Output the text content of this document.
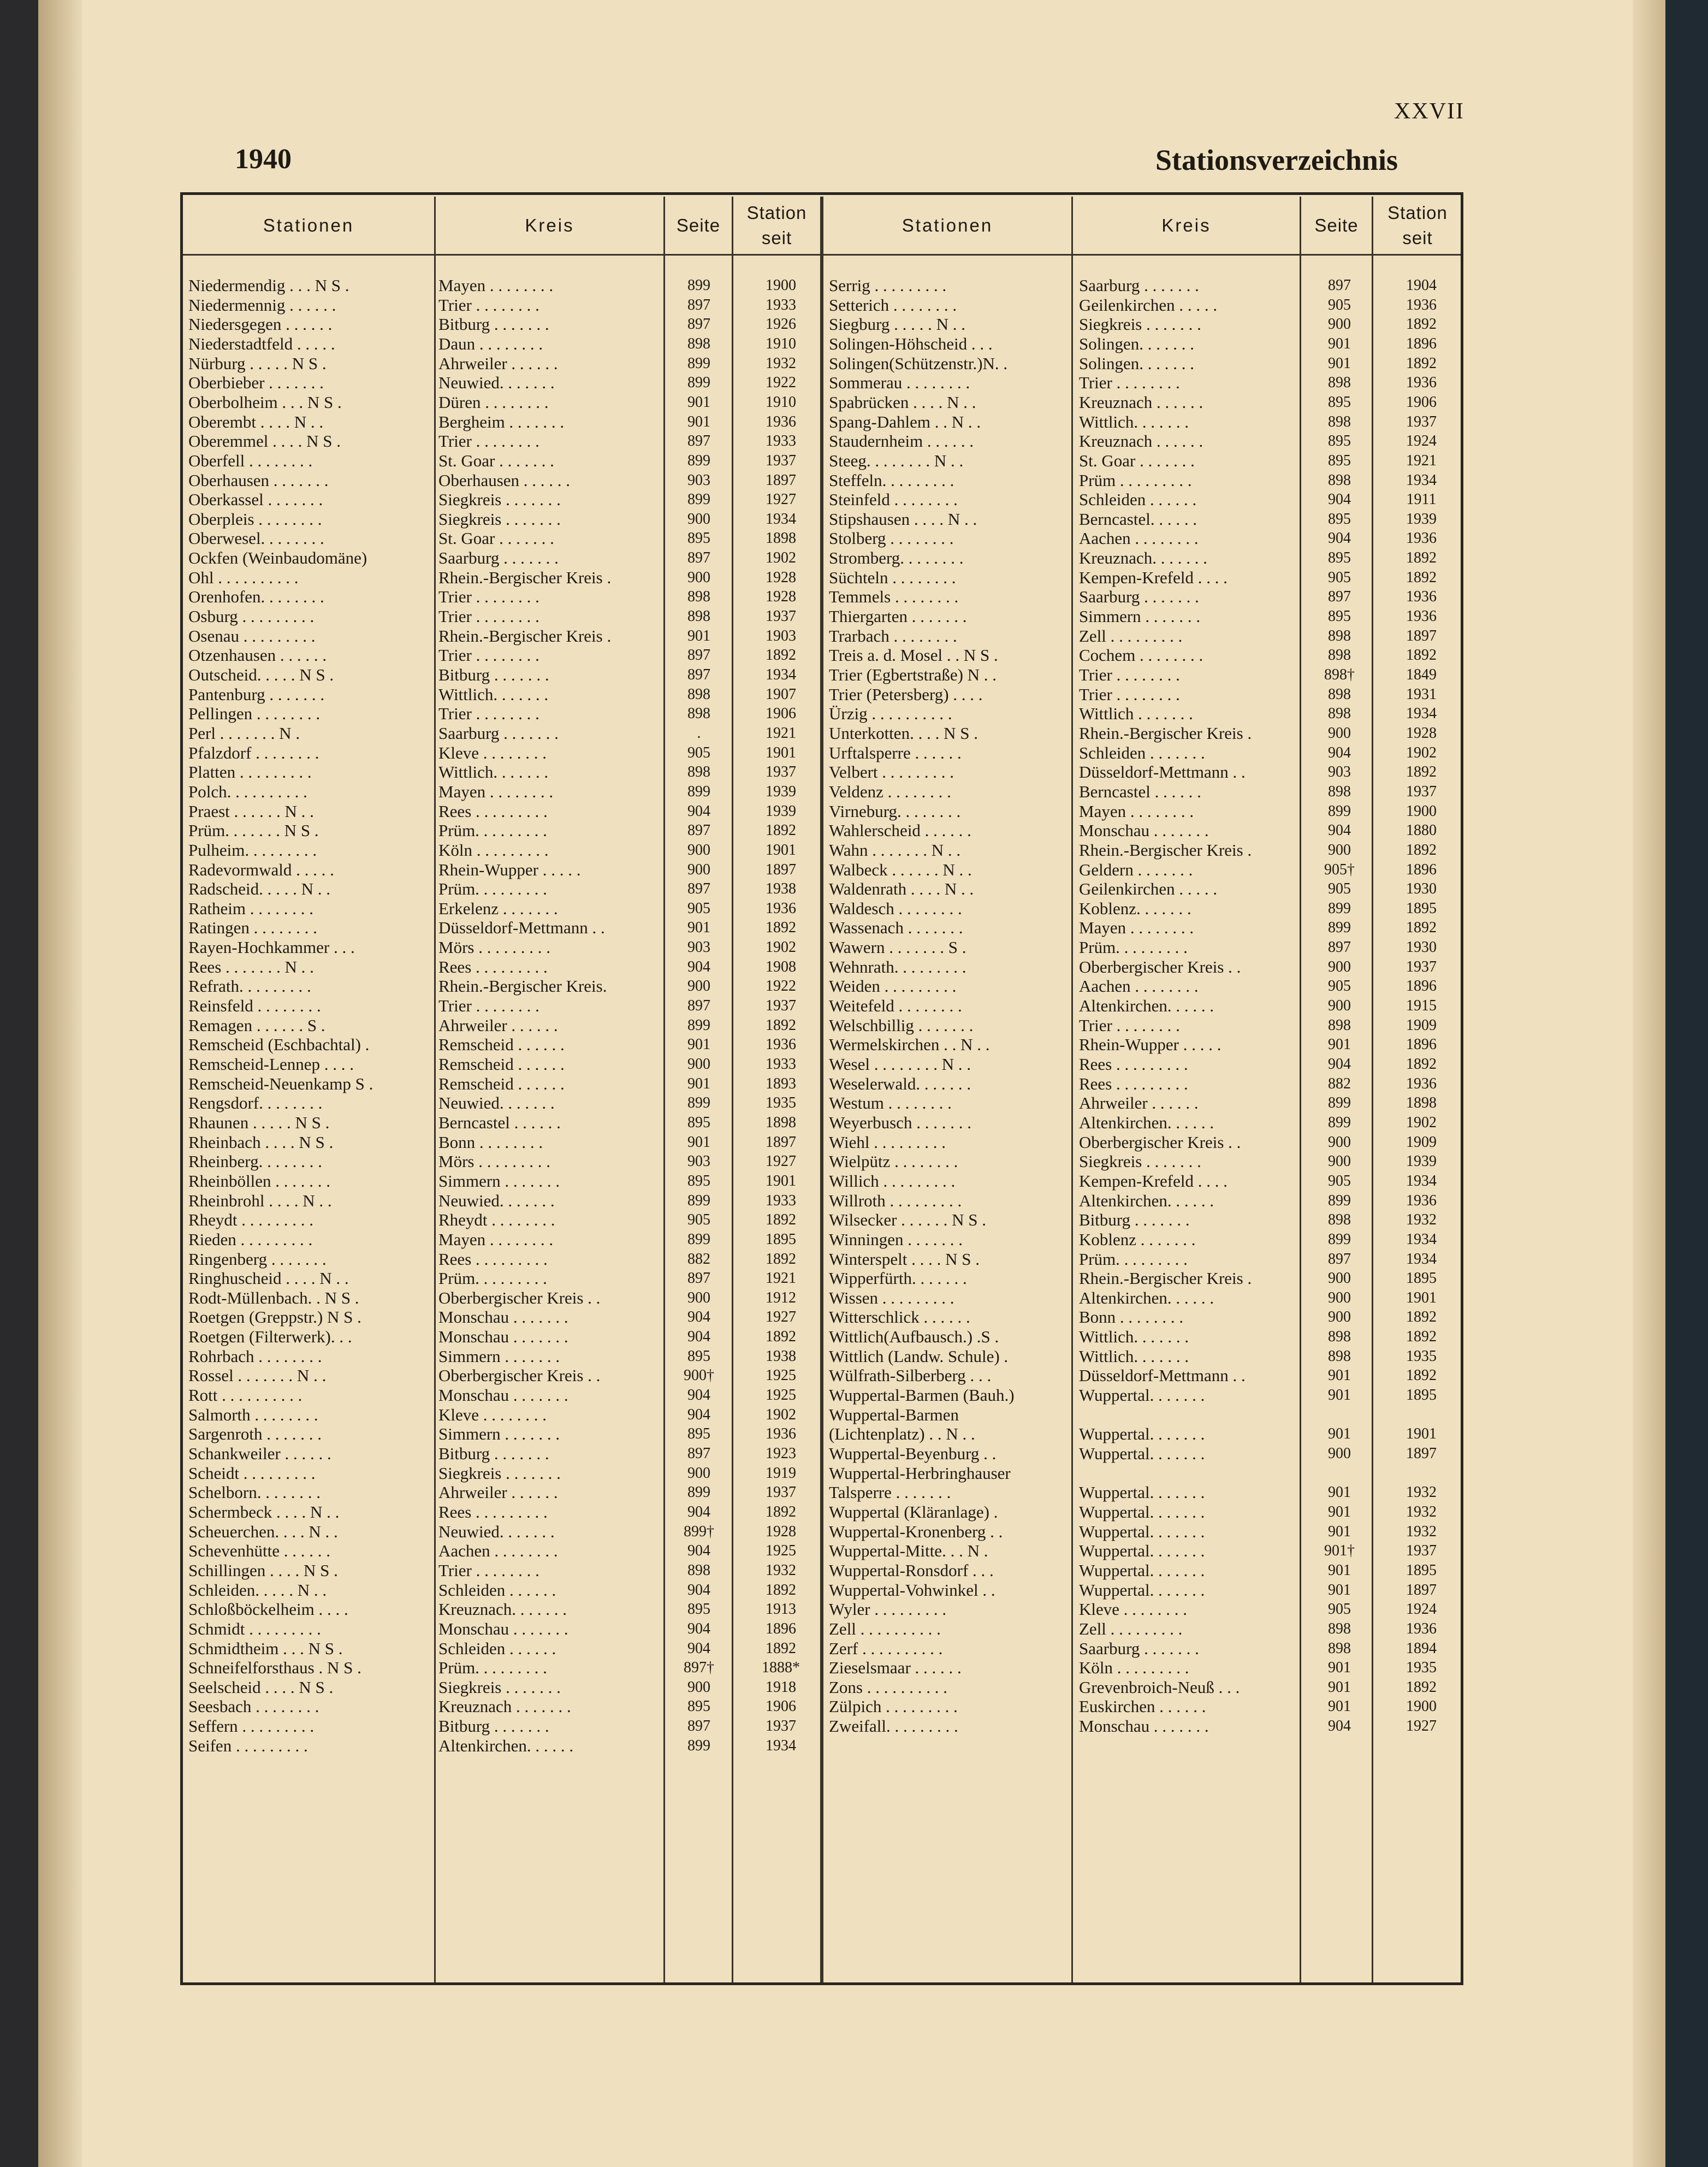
XXVII
1940	Stationsverzeichnis
Stationen	Kreis	Seite
Station
seit
Stationen	Kreis	Seite
Station
seit
Niedermendig . . . N S .	Mayen . . . . . . . .	899	1900
Niedermennig . . . . . .	Trier . . . . . . . .	897	1933
Niedersgegen . . . . . .	Bitburg . . . . . . .	897	1926
Niederstadtfeld . . . . .	Daun . . . . . . . .	898	1910
Nürburg . . . . . N S .	Ahrweiler . . . . . .	899	1932
Oberbieber . . . . . . .	Neuwied. . . . . . .	899	1922
Oberbolheim . . . N S .	Düren . . . . . . . .	901	1910
Oberembt . . . . N . .	Bergheim . . . . . . .	901	1936
Oberemmel . . . . N S .	Trier . . . . . . . .	897	1933
Oberfell . . . . . . . .	St. Goar . . . . . . .	899	1937
Oberhausen . . . . . . .	Oberhausen . . . . . .	903	1897
Oberkassel . . . . . . .	Siegkreis . . . . . . .	899	1927
Oberpleis . . . . . . . .	Siegkreis . . . . . . .	900	1934
Oberwesel. . . . . . . .	St. Goar . . . . . . .	895	1898
Ockfen (Weinbaudomäne)	Saarburg . . . . . . .	897	1902
Ohl . . . . . . . . . .	Rhein.-Bergischer Kreis .	900	1928
Orenhofen. . . . . . . .	Trier . . . . . . . .	898	1928
Osburg . . . . . . . . .	Trier . . . . . . . .	898	1937
Osenau . . . . . . . . .	Rhein.-Bergischer Kreis .	901	1903
Otzenhausen . . . . . .	Trier . . . . . . . .	897	1892
Outscheid. . . . . N S .	Bitburg . . . . . . .	897	1934
Pantenburg . . . . . . .	Wittlich. . . . . . .	898	1907
Pellingen . . . . . . . .	Trier . . . . . . . .	898	1906
Perl . . . . . . . N .	Saarburg . . . . . . .	.	1921
Pfalzdorf . . . . . . . .	Kleve . . . . . . . .	905	1901
Platten . . . . . . . . .	Wittlich. . . . . . .	898	1937
Polch. . . . . . . . . .	Mayen . . . . . . . .	899	1939
Praest . . . . . . N . .	Rees . . . . . . . . .	904	1939
Prüm. . . . . . . N S .	Prüm. . . . . . . . .	897	1892
Pulheim. . . . . . . . .	Köln . . . . . . . . .	900	1901
Radevormwald . . . . .	Rhein-Wupper . . . . .	900	1897
Radscheid. . . . . N . .	Prüm. . . . . . . . .	897	1938
Ratheim . . . . . . . .	Erkelenz . . . . . . .	905	1936
Ratingen . . . . . . . .	Düsseldorf-Mettmann . .	901	1892
Rayen-Hochkammer . . .	Mörs . . . . . . . . .	903	1902
Rees . . . . . . . N . .	Rees . . . . . . . . .	904	1908
Refrath. . . . . . . . .	Rhein.-Bergischer Kreis.	900	1922
Reinsfeld . . . . . . . .	Trier . . . . . . . .	897	1937
Remagen . . . . . . S .	Ahrweiler . . . . . .	899	1892
Remscheid (Eschbachtal) .	Remscheid . . . . . .	901	1936
Remscheid-Lennep . . . .	Remscheid . . . . . .	900	1933
Remscheid-Neuenkamp S .	Remscheid . . . . . .	901	1893
Rengsdorf. . . . . . . .	Neuwied. . . . . . .	899	1935
Rhaunen . . . . . N S .	Berncastel . . . . . .	895	1898
Rheinbach . . . . N S .	Bonn . . . . . . . .	901	1897
Rheinberg. . . . . . . .	Mörs . . . . . . . . .	903	1927
Rheinböllen . . . . . . .	Simmern . . . . . . .	895	1901
Rheinbrohl . . . . N . .	Neuwied. . . . . . .	899	1933
Rheydt . . . . . . . . .	Rheydt . . . . . . . .	905	1892
Rieden . . . . . . . . .	Mayen . . . . . . . .	899	1895
Ringenberg . . . . . . .	Rees . . . . . . . . .	882	1892
Ringhuscheid . . . . N . .	Prüm. . . . . . . . .	897	1921
Rodt-Müllenbach. . N S .	Oberbergischer Kreis . .	900	1912
Roetgen (Greppstr.) N S .	Monschau . . . . . . .	904	1927
Roetgen (Filterwerk). . .	Monschau . . . . . . .	904	1892
Rohrbach . . . . . . . .	Simmern . . . . . . .	895	1938
Rossel . . . . . . . N . .	Oberbergischer Kreis . .	900†	1925
Rott . . . . . . . . . .	Monschau . . . . . . .	904	1925
Salmorth . . . . . . . .	Kleve . . . . . . . .	904	1902
Sargenroth . . . . . . .	Simmern . . . . . . .	895	1936
Schankweiler . . . . . .	Bitburg . . . . . . .	897	1923
Scheidt . . . . . . . . .	Siegkreis . . . . . . .	900	1919
Schelborn. . . . . . . .	Ahrweiler . . . . . .	899	1937
Schermbeck . . . . N . .	Rees . . . . . . . . .	904	1892
Scheuerchen. . . . N . .	Neuwied. . . . . . .	899†	1928
Schevenhütte . . . . . .	Aachen . . . . . . . .	904	1925
Schillingen . . . . N S .	Trier . . . . . . . .	898	1932
Schleiden. . . . . N . .	Schleiden . . . . . .	904	1892
Schloßböckelheim . . . .	Kreuznach. . . . . . .	895	1913
Schmidt . . . . . . . . .	Monschau . . . . . . .	904	1896
Schmidtheim . . . N S .	Schleiden . . . . . .	904	1892
Schneifelforsthaus . N S .	Prüm. . . . . . . . .	897†	1888*
Seelscheid . . . . N S .	Siegkreis . . . . . . .	900	1918
Seesbach . . . . . . . .	Kreuznach . . . . . . .	895	1906
Seffern . . . . . . . . .	Bitburg . . . . . . .	897	1937
Seifen . . . . . . . . .	Altenkirchen. . . . . .	899	1934
Serrig . . . . . . . . .	Saarburg . . . . . . .	897	1904
Setterich . . . . . . . .	Geilenkirchen . . . . .	905	1936
Siegburg . . . . . N . .	Siegkreis . . . . . . .	900	1892
Solingen-Höhscheid . . .	Solingen. . . . . . .	901	1896
Solingen(Schützenstr.)N. .	Solingen. . . . . . .	901	1892
Sommerau . . . . . . . .	Trier . . . . . . . .	898	1936
Spabrücken . . . . N . .	Kreuznach . . . . . .	895	1906
Spang-Dahlem . . N . .	Wittlich. . . . . . .	898	1937
Staudernheim . . . . . .	Kreuznach . . . . . .	895	1924
Steeg. . . . . . . . N . .	St. Goar . . . . . . .	895	1921
Steffeln. . . . . . . . .	Prüm . . . . . . . . .	898	1934
Steinfeld . . . . . . . .	Schleiden . . . . . .	904	1911
Stipshausen . . . . N . .	Berncastel. . . . . .	895	1939
Stolberg . . . . . . . .	Aachen . . . . . . . .	904	1936
Stromberg. . . . . . . .	Kreuznach. . . . . . .	895	1892
Süchteln . . . . . . . .	Kempen-Krefeld . . . .	905	1892
Temmels . . . . . . . .	Saarburg . . . . . . .	897	1936
Thiergarten . . . . . . .	Simmern . . . . . . .	895	1936
Trarbach . . . . . . . .	Zell . . . . . . . . .	898	1897
Treis a. d. Mosel . . N S .	Cochem . . . . . . . .	898	1892
Trier (Egbertstraße) N . .	Trier . . . . . . . .	898†	1849
Trier (Petersberg) . . . .	Trier . . . . . . . .	898	1931
Ürzig . . . . . . . . . .	Wittlich . . . . . . .	898	1934
Unterkotten. . . . N S .	Rhein.-Bergischer Kreis .	900	1928
Urftalsperre . . . . . .	Schleiden . . . . . . .	904	1902
Velbert . . . . . . . . .	Düsseldorf-Mettmann . .	903	1892
Veldenz . . . . . . . .	Berncastel . . . . . .	898	1937
Virneburg. . . . . . . .	Mayen . . . . . . . .	899	1900
Wahlerscheid . . . . . .	Monschau . . . . . . .	904	1880
Wahn . . . . . . . N . .	Rhein.-Bergischer Kreis .	900	1892
Walbeck . . . . . . N . .	Geldern . . . . . . .	905†	1896
Waldenrath . . . . N . .	Geilenkirchen . . . . .	905	1930
Waldesch . . . . . . . .	Koblenz. . . . . . .	899	1895
Wassenach . . . . . . .	Mayen . . . . . . . .	899	1892
Wawern . . . . . . . S .	Prüm. . . . . . . . .	897	1930
Wehnrath. . . . . . . . .	Oberbergischer Kreis . .	900	1937
Weiden . . . . . . . . .	Aachen . . . . . . . .	905	1896
Weitefeld . . . . . . . .	Altenkirchen. . . . . .	900	1915
Welschbillig . . . . . . .	Trier . . . . . . . .	898	1909
Wermelskirchen . . N . .	Rhein-Wupper . . . . .	901	1896
Wesel . . . . . . . . N . .	Rees . . . . . . . . .	904	1892
Weselerwald. . . . . . .	Rees . . . . . . . . .	882	1936
Westum . . . . . . . .	Ahrweiler . . . . . .	899	1898
Weyerbusch . . . . . . .	Altenkirchen. . . . . .	899	1902
Wiehl . . . . . . . . .	Oberbergischer Kreis . .	900	1909
Wielpütz . . . . . . . .	Siegkreis . . . . . . .	900	1939
Willich . . . . . . . . .	Kempen-Krefeld . . . .	905	1934
Willroth . . . . . . . . .	Altenkirchen. . . . . .	899	1936
Wilsecker . . . . . . N S .	Bitburg . . . . . . .	898	1932
Winningen . . . . . . .	Koblenz . . . . . . .	899	1934
Winterspelt . . . . N S .	Prüm. . . . . . . . .	897	1934
Wipperfürth. . . . . . .	Rhein.-Bergischer Kreis .	900	1895
Wissen . . . . . . . . .	Altenkirchen. . . . . .	900	1901
Witterschlick . . . . . .	Bonn . . . . . . . .	900	1892
Wittlich(Aufbausch.) .S .	Wittlich. . . . . . .	898	1892
Wittlich (Landw. Schule) .	Wittlich. . . . . . .	898	1935
Wülfrath-Silberberg . . .	Düsseldorf-Mettmann . .	901	1892
Wuppertal-Barmen (Bauh.)	Wuppertal. . . . . . .	901	1895
Wuppertal-Barmen
(Lichtenplatz) . . N . .	Wuppertal. . . . . . .	901	1901
Wuppertal-Beyenburg . .	Wuppertal. . . . . . .	900	1897
Wuppertal-Herbringhauser
Talsperre . . . . . . .	Wuppertal. . . . . . .	901	1932
Wuppertal (Kläranlage) .	Wuppertal. . . . . . .	901	1932
Wuppertal-Kronenberg . .	Wuppertal. . . . . . .	901	1932
Wuppertal-Mitte. . . N .	Wuppertal. . . . . . .	901†	1937
Wuppertal-Ronsdorf . . .	Wuppertal. . . . . . .	901	1895
Wuppertal-Vohwinkel . .	Wuppertal. . . . . . .	901	1897
Wyler . . . . . . . . .	Kleve . . . . . . . .	905	1924
Zell . . . . . . . . . .	Zell . . . . . . . . .	898	1936
Zerf . . . . . . . . . .	Saarburg . . . . . . .	898	1894
Zieselsmaar . . . . . .	Köln . . . . . . . . .	901	1935
Zons . . . . . . . . . .	Grevenbroich-Neuß . . .	901	1892
Zülpich . . . . . . . . .	Euskirchen . . . . . .	901	1900
Zweifall. . . . . . . . .	Monschau . . . . . . .	904	1927
